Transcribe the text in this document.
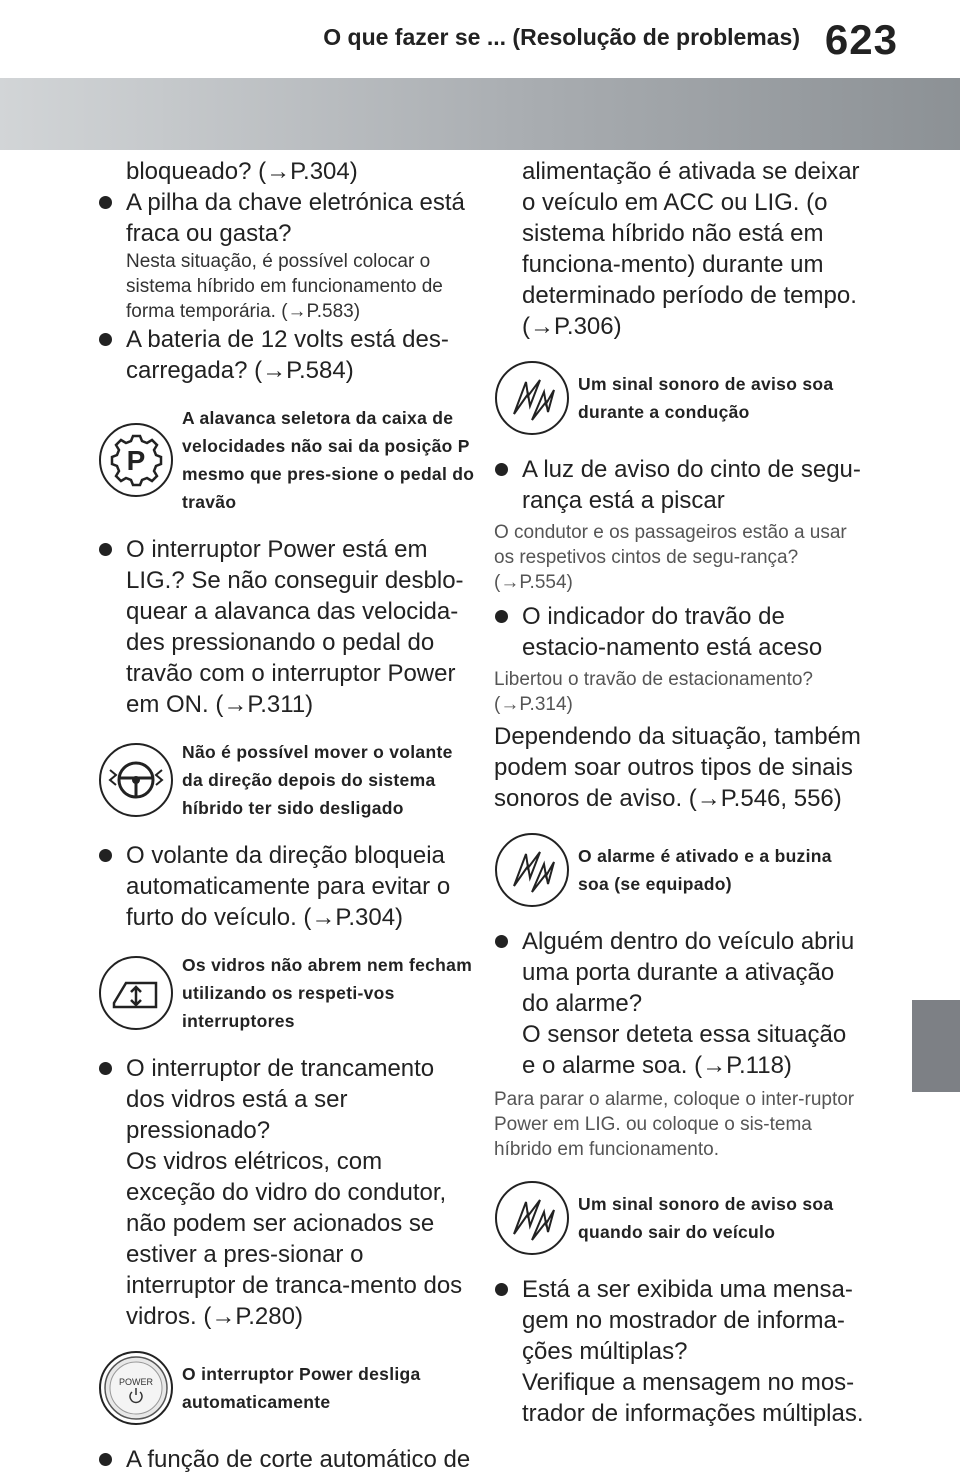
O que fazer se ... (Resolução de problemas) 623
bloqueado? (→P.304)
A pilha da chave eletrónica está fraca ou gasta?
Nesta situação, é possível colocar o sistema híbrido em funcionamento de forma temporária. (→P.583)
A bateria de 12 volts está des-carregada? (→P.584)
P
A alavanca seletora da caixa de velocidades não sai da posição P mesmo que pres-sione o pedal do travão
O interruptor Power está em LIG.? Se não conseguir desblo-quear a alavanca das velocida-des pressionando o pedal do travão com o interruptor Power em ON. (→P.311)
Não é possível mover o volante da direção depois do sistema híbrido ter sido desligado
O volante da direção bloqueia automaticamente para evitar o furto do veículo. (→P.304)
Os vidros não abrem nem fecham utilizando os respeti-vos interruptores
O interruptor de trancamento dos vidros está a ser pressionado?
Os vidros elétricos, com exceção do vidro do condutor, não podem ser acionados se estiver a pres-sionar o interruptor de tranca-mento dos vidros. (→P.280)
POWER O interruptor Power desliga automaticamente
A função de corte automático de
alimentação é ativada se deixar o veículo em ACC ou LIG. (o sistema híbrido não está em funciona-mento) durante um determinado período de tempo. (→P.306)
Um sinal sonoro de aviso soa durante a condução
A luz de aviso do cinto de segu-rança está a piscar
O condutor e os passageiros estão a usar os respetivos cintos de segu-rança? (→P.554)
O indicador do travão de estacio-namento está aceso
Libertou o travão de estacionamento? (→P.314)
Dependendo da situação, também podem soar outros tipos de sinais sonoros de aviso. (→P.546, 556)
O alarme é ativado e a buzina soa (se equipado)
Alguém dentro do veículo abriu uma porta durante a ativação do alarme?
O sensor deteta essa situação e o alarme soa. (→P.118)
Para parar o alarme, coloque o inter-ruptor Power em LIG. ou coloque o sis-tema híbrido em funcionamento.
Um sinal sonoro de aviso soa quando sair do veículo
Está a ser exibida uma mensa-gem no mostrador de informa-ções múltiplas?
Verifique a mensagem no mos-trador de informações múltiplas.
